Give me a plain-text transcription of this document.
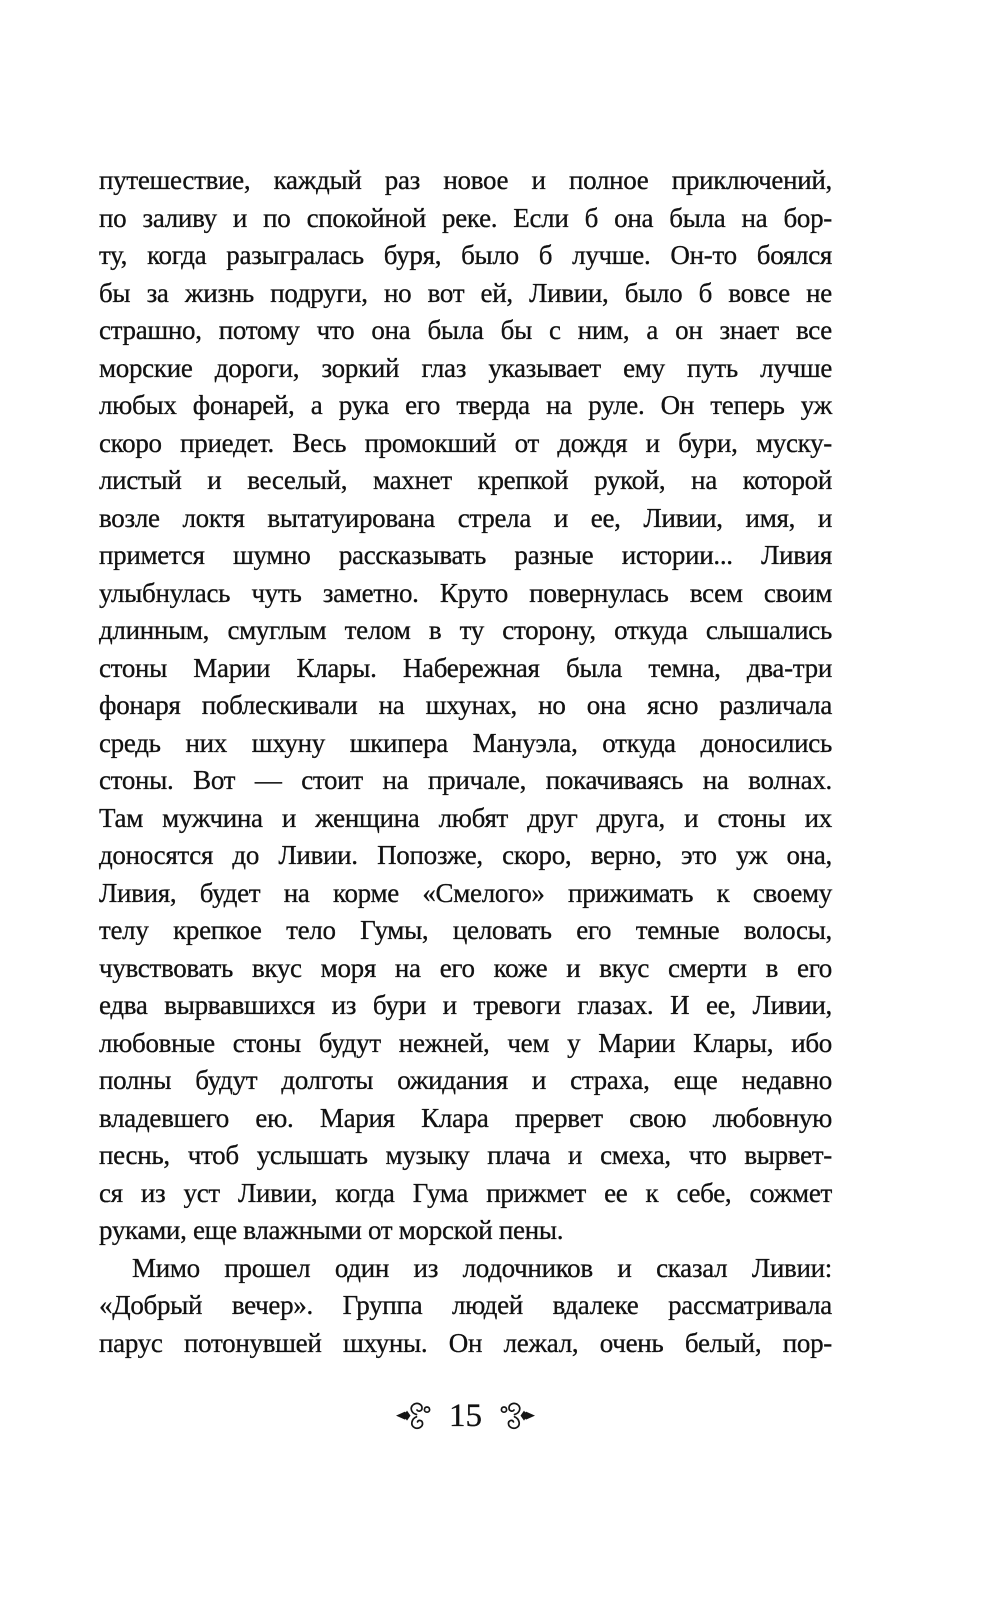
путешествие, каждый раз новое и полное приключений,

по заливу и по спокойной реке. Если б она была на бор-

ту, когда разыгралась буря, было б лучше. Он-то боялся

бы за жизнь подруги, но вот ей, Ливии, было б вовсе не

страшно, потому что она была бы с ним, а он знает все

морские дороги, зоркий глаз указывает ему путь лучше

любых фонарей, а рука его тверда на руле. Он теперь уж

скоро приедет. Весь промокший от дождя и бури, муску-

листый и веселый, махнет крепкой рукой, на которой

возле локтя вытатуирована стрела и ее, Ливии, имя, и

примется шумно рассказывать разные истории... Ливия

улыбнулась чуть заметно. Круто повернулась всем своим

длинным, смуглым телом в ту сторону, откуда слышались

стоны Марии Клары. Набережная была темна, два-три

фонаря поблескивали на шхунах, но она ясно различала

средь них шхуну шкипера Мануэла, откуда доносились

стоны. Вот — стоит на причале, покачиваясь на волнах.

Там мужчина и женщина любят друг друга, и стоны их

доносятся до Ливии. Попозже, скоро, верно, это уж она,

Ливия, будет на корме «Смелого» прижимать к своему

телу крепкое тело Гумы, целовать его темные волосы,

чувствовать вкус моря на его коже и вкус смерти в его

едва вырвавшихся из бури и тревоги глазах. И ее, Ливии,

любовные стоны будут нежней, чем у Марии Клары, ибо

полны будут долготы ожидания и страха, еще недавно

владевшего ею. Мария Клара прервет свою любовную

песнь, чтоб услышать музыку плача и смеха, что вырвет-

ся из уст Ливии, когда Гума прижмет ее к себе, сожмет

руками, еще влажными от морской пены.

Мимо прошел один из лодочников и сказал Ливии:

«Добрый вечер». Группа людей вдалеке рассматривала

парус потонувшей шхуны. Он лежал, очень белый, пор-

15
